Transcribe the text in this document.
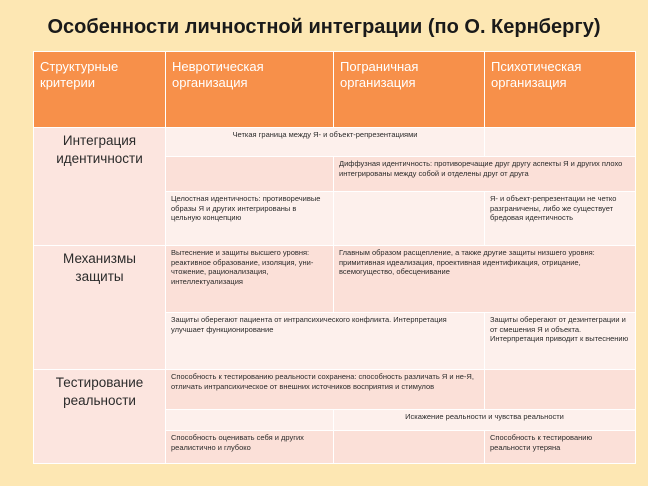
Особенности личностной интеграции (по О. Кернбергу)
Структурные критерии	Невротическая организация	Пограничная организация	Психотическая организация
Интеграция идентичности	Четкая граница между Я- и объект-репрезентациями		
		Диффузная идентичность: противоречащие друг другу аспекты Я и других плохо интегрированы между собой и отделены друг от друга	
	Целостная идентичность: противоречивые образы Я и других интегрированы в цельную концепцию		Я- и объект-репрезентации не четко разграничены, либо же существует бредовая идентичность
Механизмы защиты	Вытеснение и защиты высшего уровня: реактивное образование, изоляция, уни-чтожение, рационализация, интеллектуализация	Главным образом расщепление, а также другие защиты низшего уровня: примитивная идеализация, проективная идентификация, отрицание, всемогущество, обесценивание	
	Защиты оберегают пациента от интрапсихического конфликта. Интерпретация улучшает функционирование		Защиты оберегают от дезинтеграции и от смешения Я и объекта. Интерпретация приводит к вытеснению
Тестирование реальности	Способность к тестированию реальности сохранена: способность различать Я и не-Я, отличать интрапсихическое от внешних источников восприятия и стимулов		
		Искажение реальности и чувства реальности	
	Способность оценивать себя и других реалистично и глубоко		Способность к тестированию реальности утеряна
